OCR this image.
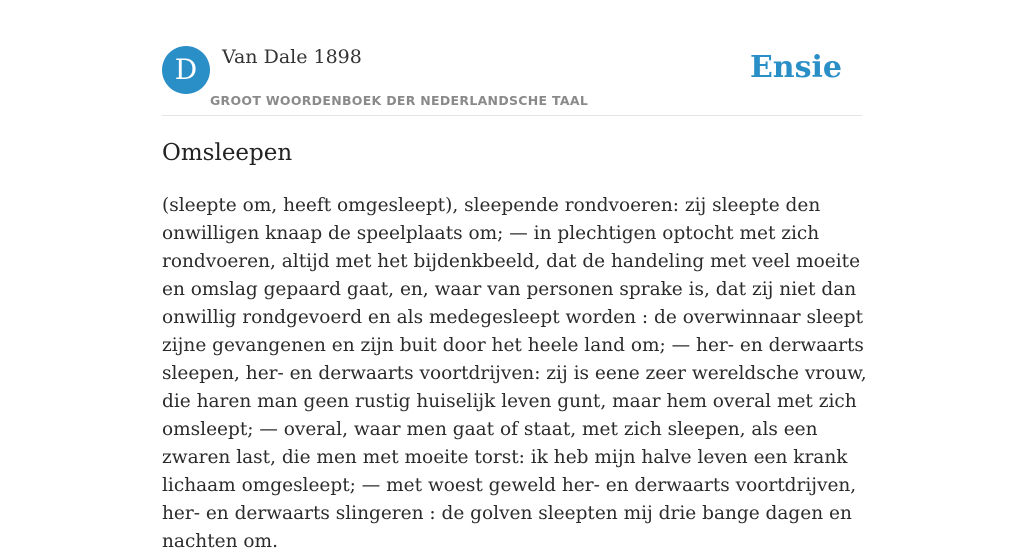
D	Van Dale 1898
GROOT WOORDENBOEK DER NEDERLANDSCHE TAAL
Ensie
Omsleepen

(sleepte om, heeft omgesleept), sleepende rondvoeren: zij sleepte den onwilligen knaap de speelplaats om; — in plechtigen optocht met zich rondvoeren, altijd met het bijdenkbeeld, dat de handeling met veel moeite en omslag gepaard gaat, en, waar van personen sprake is, dat zij niet dan onwillig rondgevoerd en als medegesleept worden : de overwinnaar sleept zijne gevangenen en zijn buit door het heele land om; — her- en derwaarts sleepen, her- en derwaarts voortdrijven: zij is eene zeer wereldsche vrouw, die haren man geen rustig huiselijk leven gunt, maar hem overal met zich omsleept; — overal, waar men gaat of staat, met zich sleepen, als een zwaren last, die men met moeite torst: ik heb mijn halve leven een krank lichaam omgesleept; — met woest geweld her- en derwaarts voortdrijven, her- en derwaarts slingeren : de golven sleepten mij drie bange dagen en nachten om.
